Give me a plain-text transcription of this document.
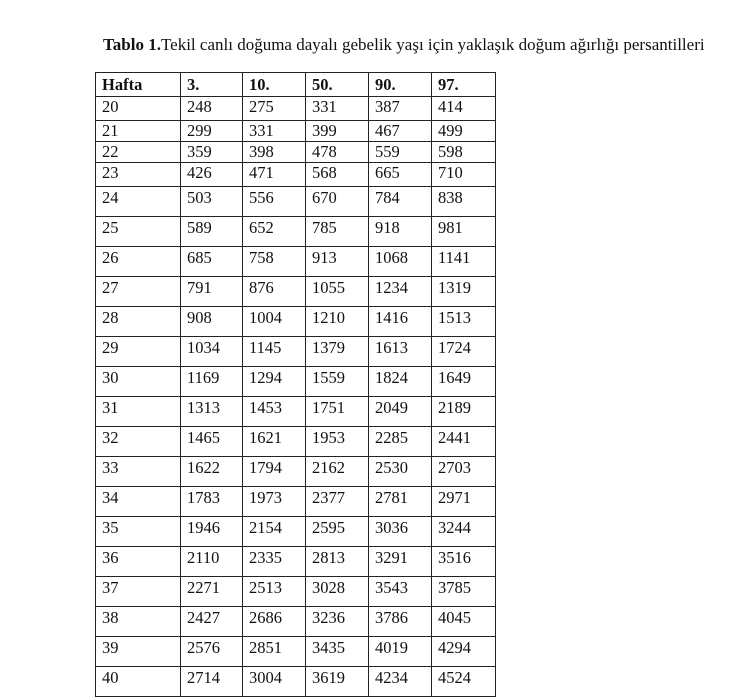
Tablo 1.Tekil canlı doğuma dayalı gebelik yaşı için yaklaşık doğum ağırlığı persantilleri
Hafta	3.	10.	50.	90.	97.
20	248	275	331	387	414
21	299	331	399	467	499
22	359	398	478	559	598
23	426	471	568	665	710
24	503	556	670	784	838
25	589	652	785	918	981
26	685	758	913	1068	1141
27	791	876	1055	1234	1319
28	908	1004	1210	1416	1513
29	1034	1145	1379	1613	1724
30	1169	1294	1559	1824	1649
31	1313	1453	1751	2049	2189
32	1465	1621	1953	2285	2441
33	1622	1794	2162	2530	2703
34	1783	1973	2377	2781	2971
35	1946	2154	2595	3036	3244
36	2110	2335	2813	3291	3516
37	2271	2513	3028	3543	3785
38	2427	2686	3236	3786	4045
39	2576	2851	3435	4019	4294
40	2714	3004	3619	4234	4524
